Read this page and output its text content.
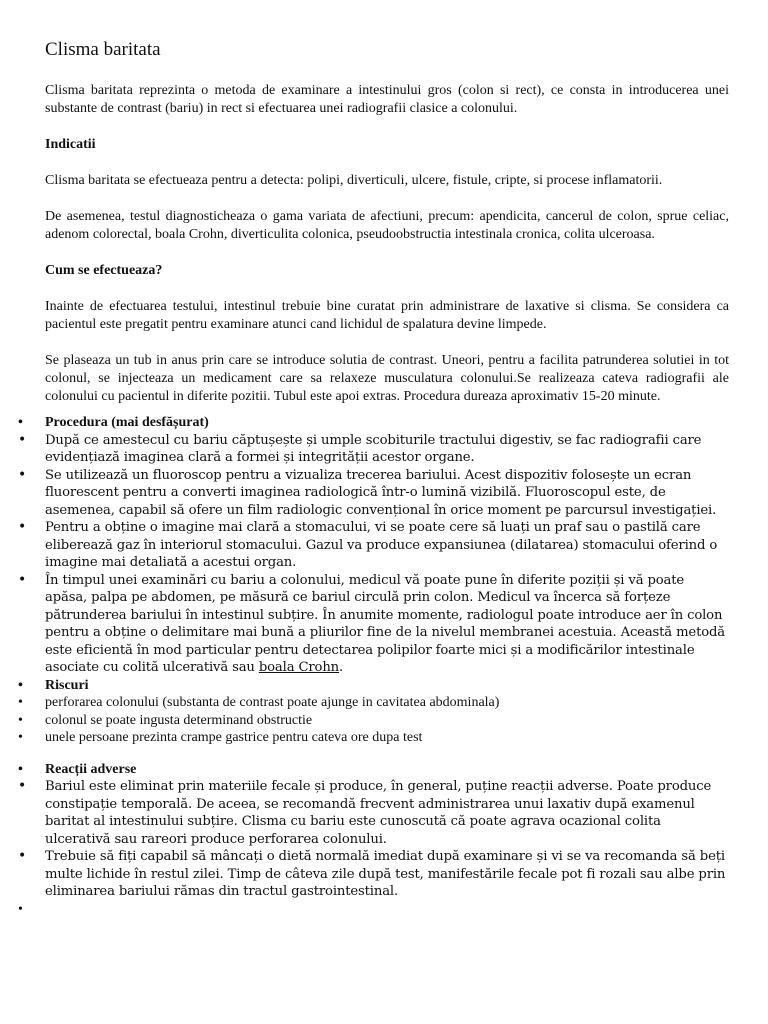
Clisma baritata

Clisma baritata reprezinta o metoda de examinare a intestinului gros (colon si rect), ce consta in introducerea unei substante de contrast (bariu) in rect si efectuarea unei radiografii clasice a colonului.

Indicatii

Clisma baritata se efectueaza pentru a detecta: polipi, diverticuli, ulcere, fistule, cripte, si procese inflamatorii.

De asemenea, testul diagnosticheaza o gama variata de afectiuni, precum: apendicita, cancerul de colon, sprue celiac, adenom colorectal, boala Crohn, diverticulita colonica, pseudoobstructia intestinala cronica, colita ulceroasa.

Cum se efectueaza?

Inainte de efectuarea testului, intestinul trebuie bine curatat prin administrare de laxative si clisma. Se considera ca pacientul este pregatit pentru examinare atunci cand lichidul de spalatura devine limpede.

Se plaseaza un tub in anus prin care se introduce solutia de contrast. Uneori, pentru a facilita patrunderea solutiei in tot colonul, se injecteaza un medicament care sa relaxeze musculatura colonului.Se realizeaza cateva radiografii ale colonului cu pacientul in diferite pozitii. Tubul este apoi extras. Procedura dureaza aproximativ 15-20 minute.

• Procedura (mai desfășurat)
• După ce amestecul cu bariu căptușește și umple scobiturile tractului digestiv, se fac radiografii care evidențiază imaginea clară a formei și integrității acestor organe.
• Se utilizează un fluoroscop pentru a vizualiza trecerea bariului. Acest dispozitiv folosește un ecran fluorescent pentru a converti imaginea radiologică într-o lumină vizibilă. Fluoroscopul este, de asemenea, capabil să ofere un film radiologic convențional în orice moment pe parcursul investigației.
• Pentru a obține o imagine mai clară a stomacului, vi se poate cere să luați un praf sau o pastilă care eliberează gaz în interiorul stomacului. Gazul va produce expansiunea (dilatarea) stomacului oferind o imagine mai detaliată a acestui organ.
• În timpul unei examinări cu bariu a colonului, medicul vă poate pune în diferite poziții și vă poate apăsa, palpa pe abdomen, pe măsură ce bariul circulă prin colon. Medicul va încerca să forțeze pătrunderea bariului în intestinul subțire. În anumite momente, radiologul poate introduce aer în colon pentru a obține o delimitare mai bună a pliurilor fine de la nivelul membranei acestuia. Această metodă este eficientă în mod particular pentru detectarea polipilor foarte mici și a modificărilor intestinale asociate cu colită ulcerativă sau boala Crohn.
• Riscuri
• perforarea colonului (substanta de contrast poate ajunge in cavitatea abdominala)
• colonul se poate ingusta determinand obstructie
• unele persoane prezinta crampe gastrice pentru cateva ore dupa test
• Reacții adverse
• Bariul este eliminat prin materiile fecale și produce, în general, puține reacții adverse. Poate produce constipație temporală. De aceea, se recomandă frecvent administrarea unui laxativ după examenul baritat al intestinului subțire. Clisma cu bariu este cunoscută că poate agrava ocazional colita ulcerativă sau rareori produce perforarea colonului.
• Trebuie să fiți capabil să mâncați o dietă normală imediat după examinare și vi se va recomanda să beți multe lichide în restul zilei. Timp de câteva zile după test, manifestările fecale pot fi rozali sau albe prin eliminarea bariului rămas din tractul gastrointestinal.
•
